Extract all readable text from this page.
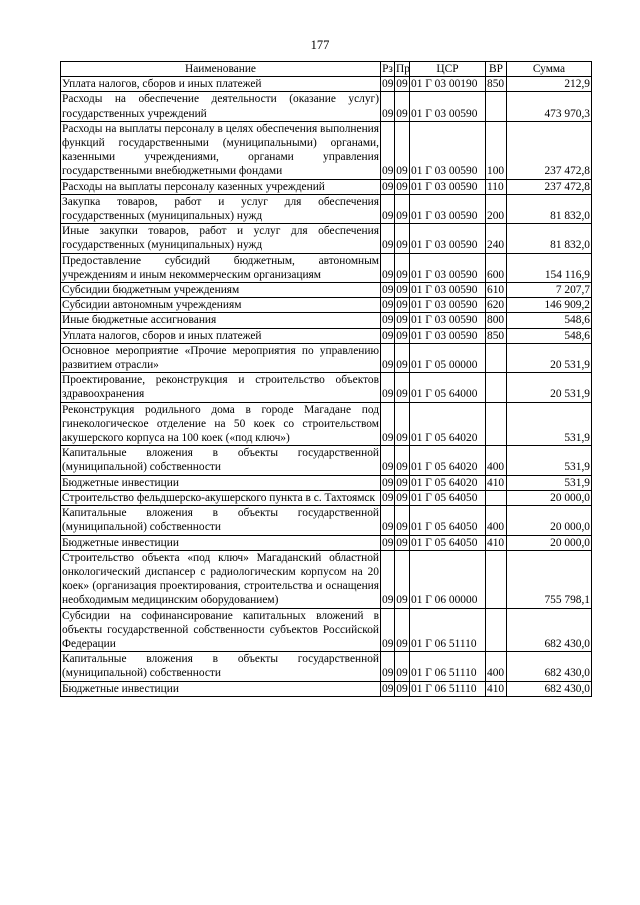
177
Наименование	Рз	Пр	ЦСР	ВР	Сумма
Уплата налогов, сборов и иных платежей	09	09	01 Г 03 00190	850	212,9
Расходы на обеспечение деятельности (оказание услуг) государственных учреждений	09	09	01 Г 03 00590		473 970,3
Расходы на выплаты персоналу в целях обеспечения выполнения функций государственными (муниципальными) органами, казенными учреждениями, органами управления государственными внебюджетными фондами	09	09	01 Г 03 00590	100	237 472,8
Расходы на выплаты персоналу казенных учреждений	09	09	01 Г 03 00590	110	237 472,8
Закупка товаров, работ и услуг для обеспечения государственных (муниципальных) нужд	09	09	01 Г 03 00590	200	81 832,0
Иные закупки товаров, работ и услуг для обеспечения государственных (муниципальных) нужд	09	09	01 Г 03 00590	240	81 832,0
Предоставление субсидий бюджетным, автономным учреждениям и иным некоммерческим организациям	09	09	01 Г 03 00590	600	154 116,9
Субсидии бюджетным учреждениям	09	09	01 Г 03 00590	610	7 207,7
Субсидии автономным учреждениям	09	09	01 Г 03 00590	620	146 909,2
Иные бюджетные ассигнования	09	09	01 Г 03 00590	800	548,6
Уплата налогов, сборов и иных платежей	09	09	01 Г 03 00590	850	548,6
Основное мероприятие «Прочие мероприятия по управлению развитием отрасли»	09	09	01 Г 05 00000		20 531,9
Проектирование, реконструкция и строительство объектов здравоохранения	09	09	01 Г 05 64000		20 531,9
Реконструкция родильного дома в городе Магадане под гинекологическое отделение на 50 коек со строительством акушерского корпуса на 100 коек («под ключ»)	09	09	01 Г 05 64020		531,9
Капитальные вложения в объекты государственной (муниципальной) собственности	09	09	01 Г 05 64020	400	531,9
Бюджетные инвестиции	09	09	01 Г 05 64020	410	531,9
Строительство фельдшерско-акушерского пункта в с. Тахтоямск	09	09	01 Г 05 64050		20 000,0
Капитальные вложения в объекты государственной (муниципальной) собственности	09	09	01 Г 05 64050	400	20 000,0
Бюджетные инвестиции	09	09	01 Г 05 64050	410	20 000,0
Строительство объекта «под ключ» Магаданский областной онкологический диспансер с радиологическим корпусом на 20 коек» (организация проектирования, строительства и оснащения необходимым медицинским оборудованием)	09	09	01 Г 06 00000		755 798,1
Субсидии на софинансирование капитальных вложений в объекты государственной собственности субъектов Российской Федерации	09	09	01 Г 06 51110		682 430,0
Капитальные вложения в объекты государственной (муниципальной) собственности	09	09	01 Г 06 51110	400	682 430,0
Бюджетные инвестиции	09	09	01 Г 06 51110	410	682 430,0
